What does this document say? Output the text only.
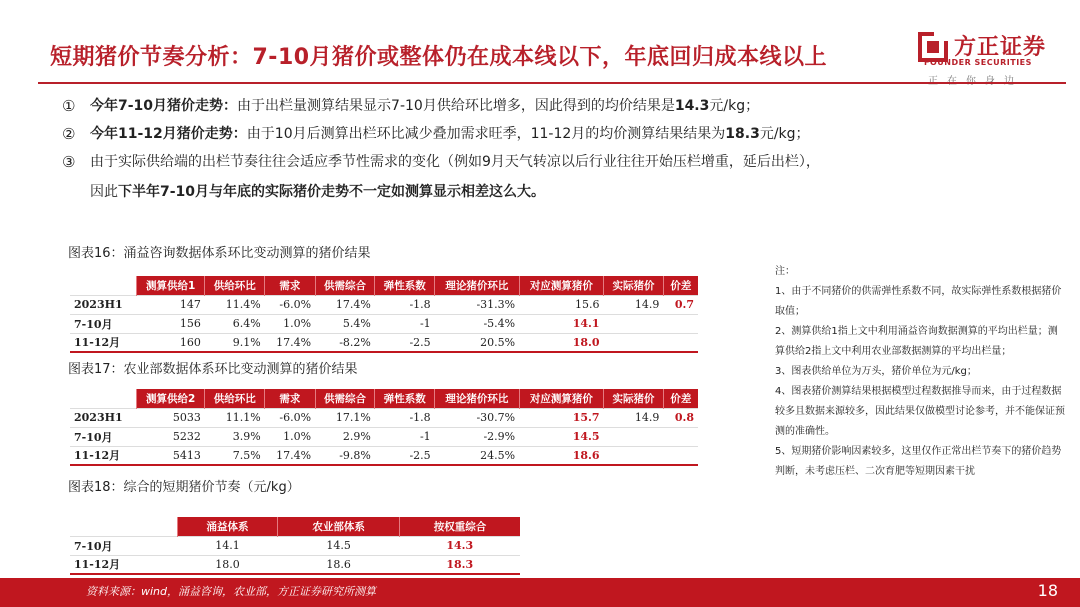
短期猪价节奏分析：7-10月猪价或整体仍在成本线以下，年底回归成本线以上	方正证券
FOUNDER SECURITIES
① 今年7-10月猪价走势：由于出栏量测算结果显示7-10月供给环比增多，因此得到的均价结果是14.3元/kg；
② 今年11-12月猪价走势：由于10月后测算出栏环比减少叠加需求旺季，11-12月的均价测算结果结果为18.3元/kg；
③ 由于实际供给端的出栏节奏往往会适应季节性需求的变化（例如9月天气转凉以后行业往往开始压栏增重，延后出栏），
因此下半年7-10月与年底的实际猪价走势不一定如测算显示相差这么大。
图表16：涌益咨询数据体系环比变动测算的猪价结果
	测算供给1	供给环比	需求	供需综合	弹性系数	理论猪价环比	对应测算猪价	实际猪价	价差
2023H1	147	11.4%	-6.0%	17.4%	-1.8	-31.3%	15.6	14.9	0.7
7-10月	156	6.4%	1.0%	5.4%	-1	-5.4%	14.1		
11-12月	160	9.1%	17.4%	-8.2%	-2.5	20.5%	18.0		
图表17：农业部数据体系环比变动测算的猪价结果
	测算供给2	供给环比	需求	供需综合	弹性系数	理论猪价环比	对应测算猪价	实际猪价	价差
2023H1	5033	11.1%	-6.0%	17.1%	-1.8	-30.7%	15.7	14.9	0.8
7-10月	5232	3.9%	1.0%	2.9%	-1	-2.9%	14.5		
11-12月	5413	7.5%	17.4%	-9.8%	-2.5	24.5%	18.6		
图表18：综合的短期猪价节奏（元/kg）
	涌益体系	农业部体系	按权重综合
7-10月	14.1	14.5	14.3
11-12月	18.0	18.6	18.3
注：
1、由于不同猪价的供需弹性系数不同，故实际弹性系数根据猪价取值；
2、测算供给1指上文中利用涌益咨询数据测算的平均出栏量；测算供给2指上文中利用农业部数据测算的平均出栏量；
3、图表供给单位为万头，猪价单位为元/kg；
4、图表猪价测算结果根据模型过程数据推导而来，由于过程数据较多且数据来源较多，因此结果仅做模型讨论参考，并不能保证预测的准确性。
5、短期猪价影响因素较多，这里仅作正常出栏节奏下的猪价趋势判断，未考虑压栏、二次育肥等短期因素干扰
资料来源：wind，涌益咨询，农业部，方正证券研究所测算	18
